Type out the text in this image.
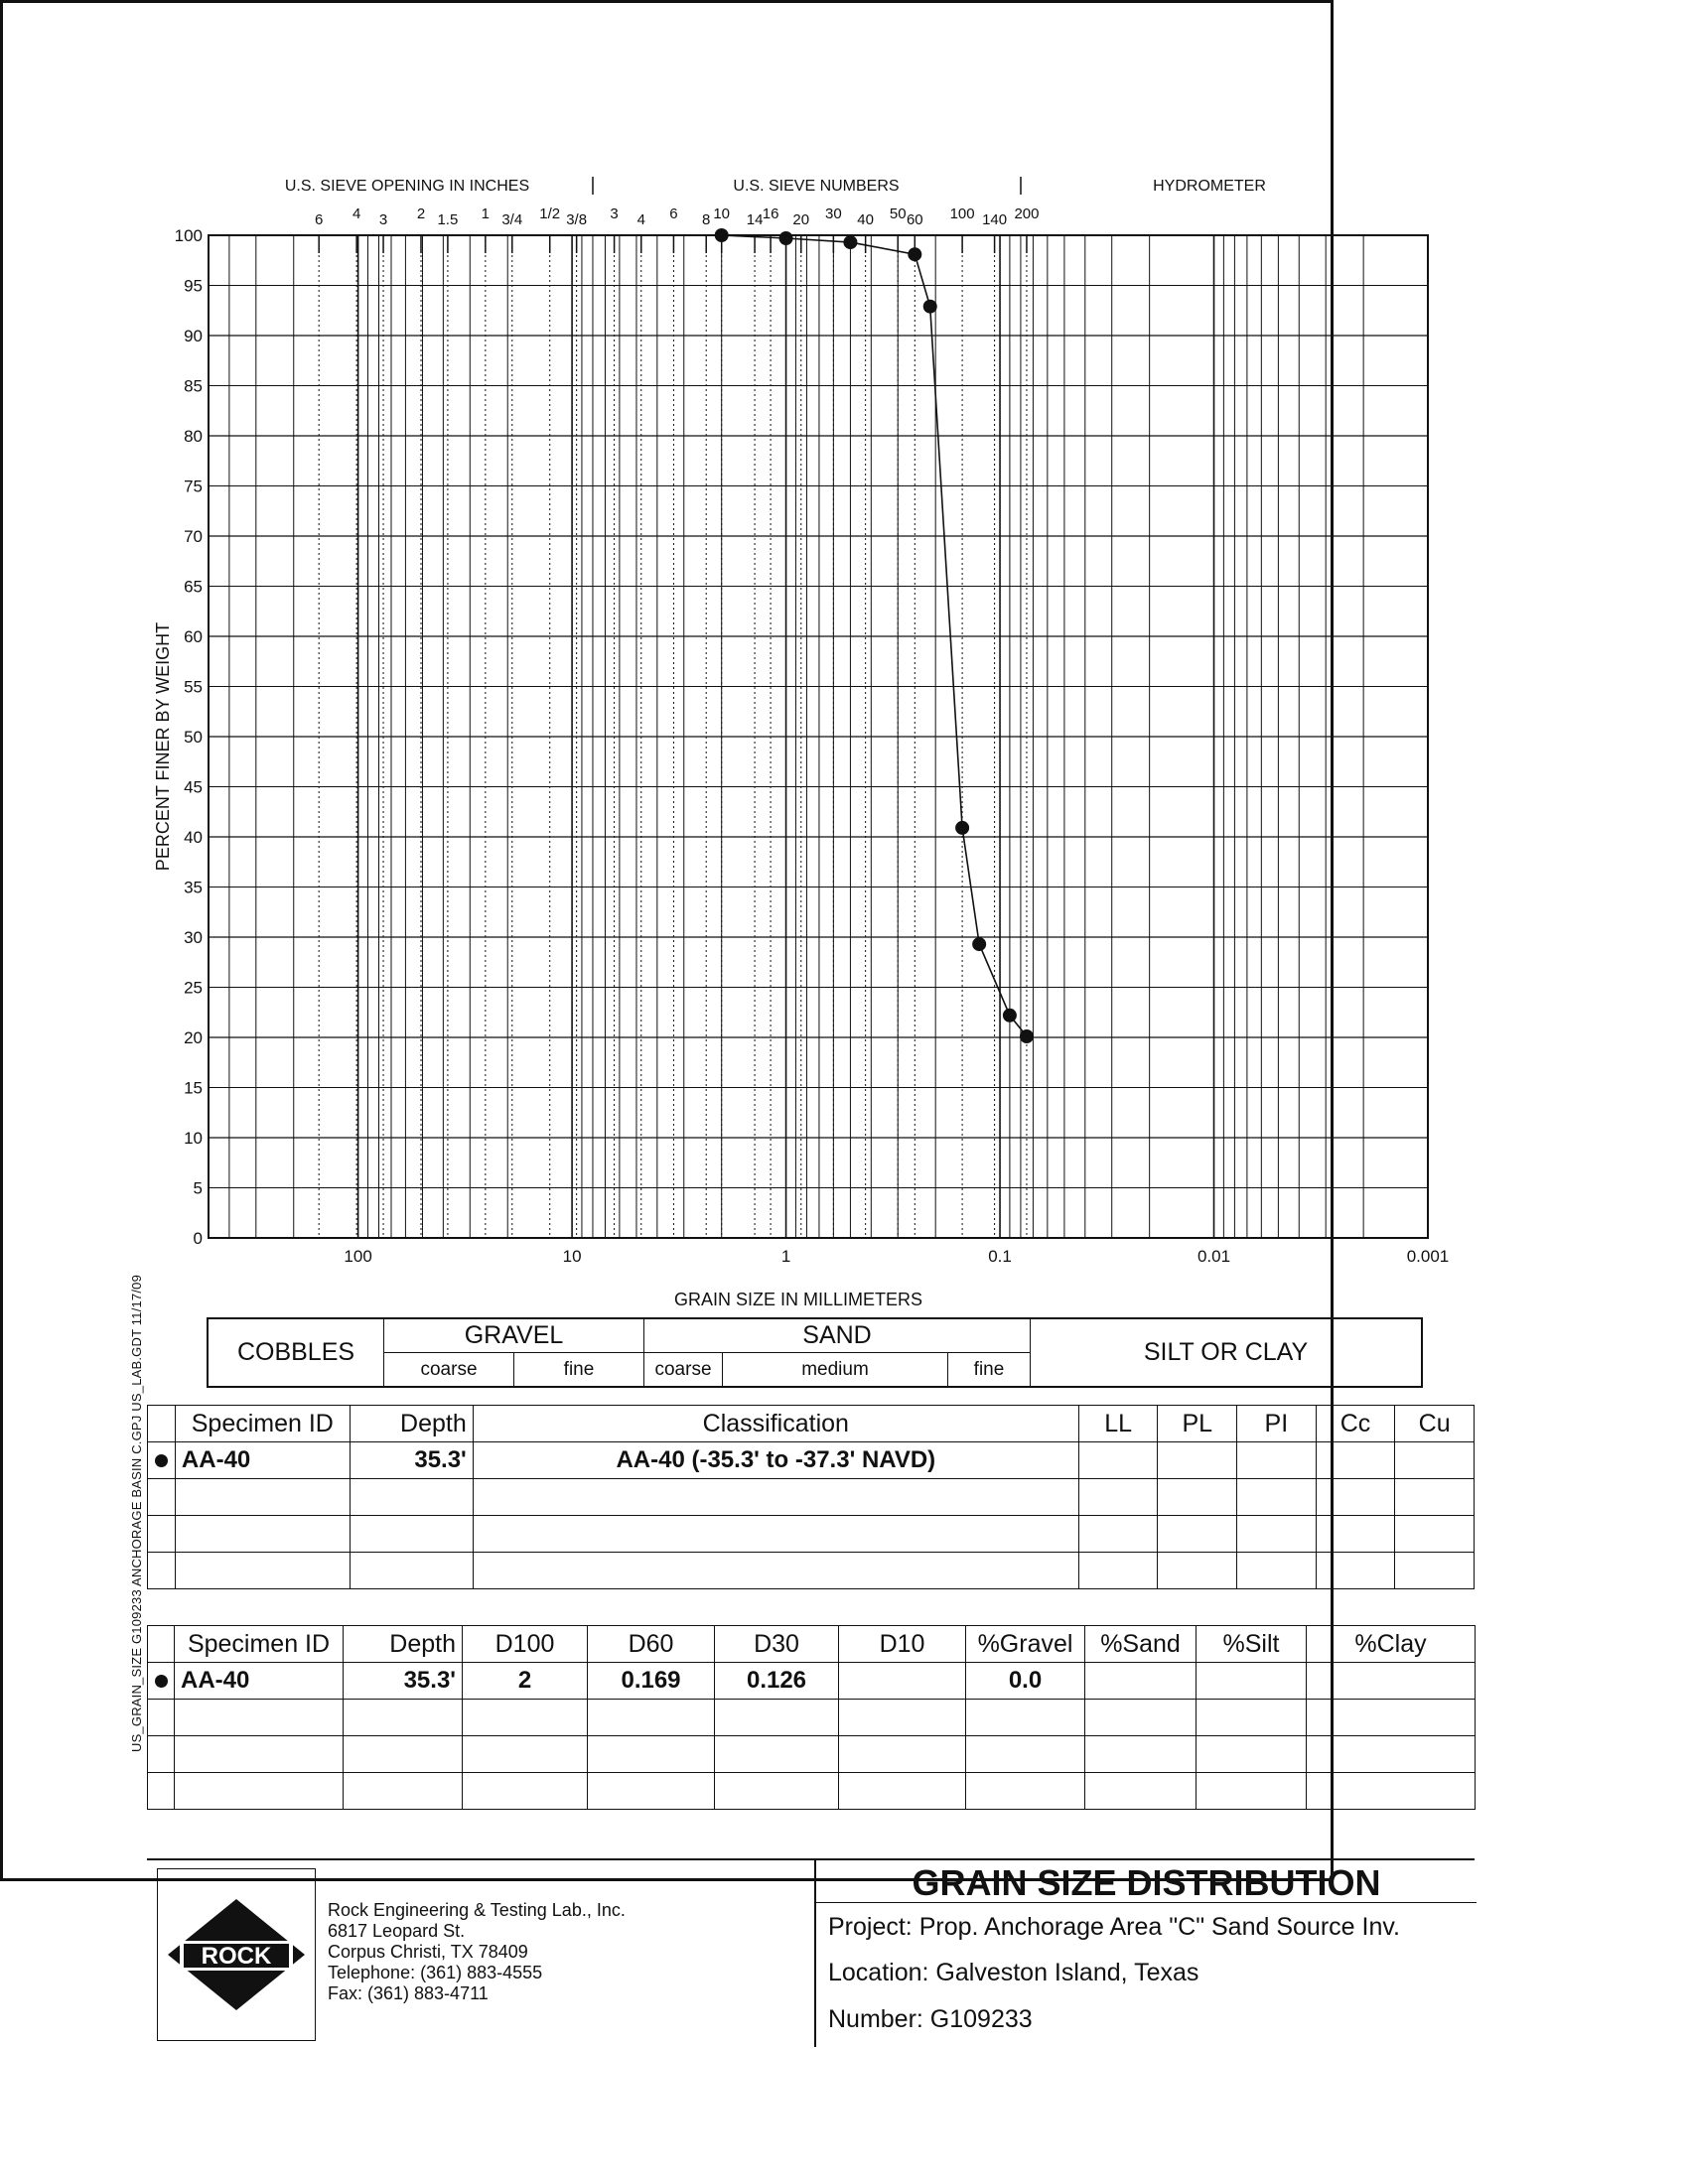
0
5
10
15
20
25
30
35
40
45
50
55
60
65
70
75
80
85
90
95
100
100	10	1	0.1	0.01	0.001
GRAIN SIZE IN MILLIMETERS
PERCENT FINER BY WEIGHT
U.S. SIEVE OPENING IN INCHES	U.S. SIEVE NUMBERS	HYDROMETER
6 4 3 2 1.5 1 3/4 1/2 3/8 3 4 6 8 10 14 16 20 30 40 50 60 100 140 200
COBBLES
GRAVEL
coarse	fine
SAND
coarse	medium	fine
SILT OR CLAY
	Specimen ID	Depth	Classification	LL	PL	PI	Cc	Cu
	AA-40	35.3'	AA-40 (-35.3' to -37.3' NAVD)					

	Specimen ID	Depth	D100	D60	D30	D10	%Gravel	%Sand	%Silt	%Clay
	AA-40	35.3'	2	0.169	0.126		0.0			

US_GRAIN_SIZE G109233 ANCHORAGE BASIN C.GPJ US_LAB.GDT 11/17/09
ROCK
Rock Engineering & Testing Lab., Inc.
6817 Leopard St.
Corpus Christi, TX 78409
Telephone: (361) 883-4555
Fax: (361) 883-4711
GRAIN SIZE DISTRIBUTION
Project: Prop. Anchorage Area "C" Sand Source Inv.
Location: Galveston Island, Texas
Number: G109233
